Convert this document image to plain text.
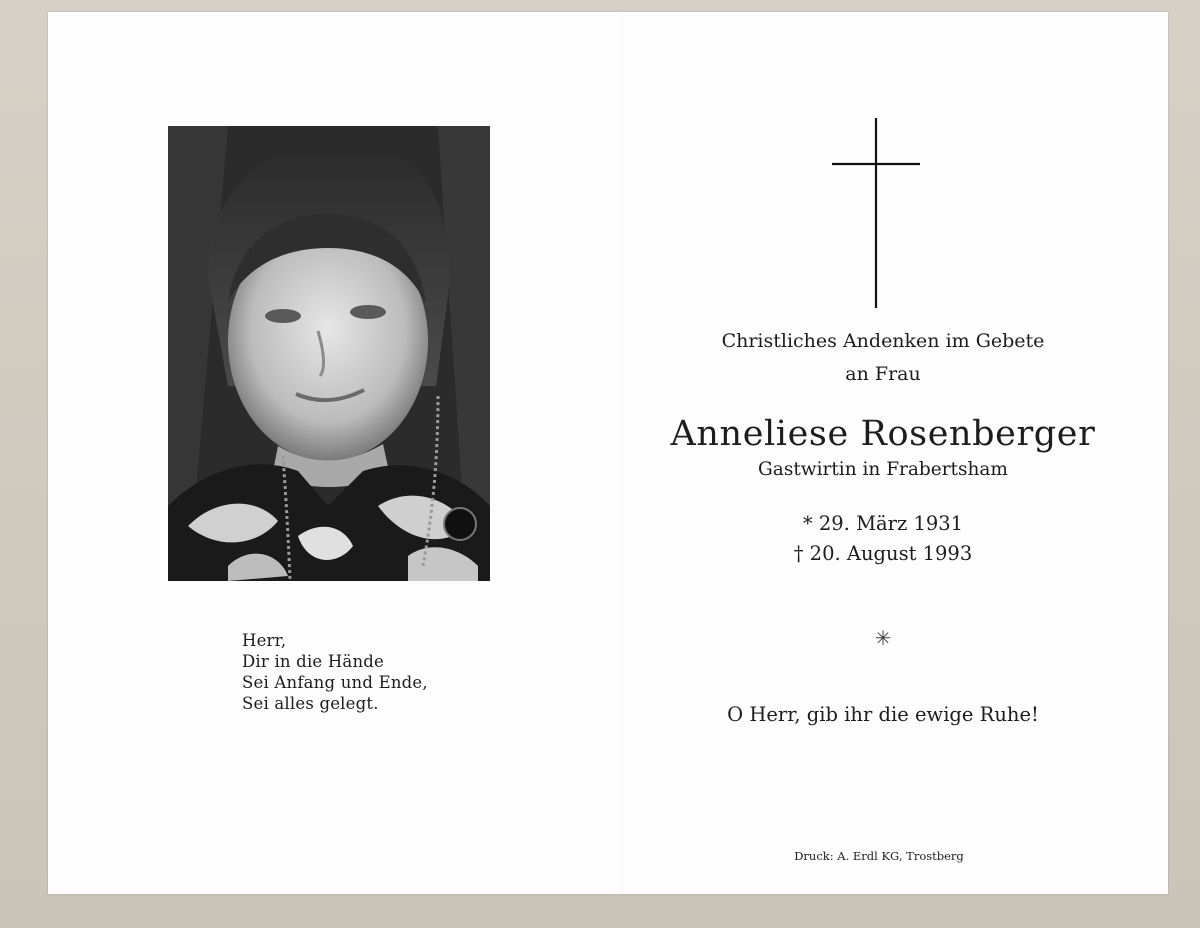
Herr,
Dir in die Hände
Sei Anfang und Ende,
Sei alles gelegt.
Christliches Andenken im Gebete
an Frau
Anneliese Rosenberger
Gastwirtin in Frabertsham
* 29. März 1931
† 20. August 1993
✳
O Herr, gib ihr die ewige Ruhe!
Druck: A. Erdl KG, Trostberg
